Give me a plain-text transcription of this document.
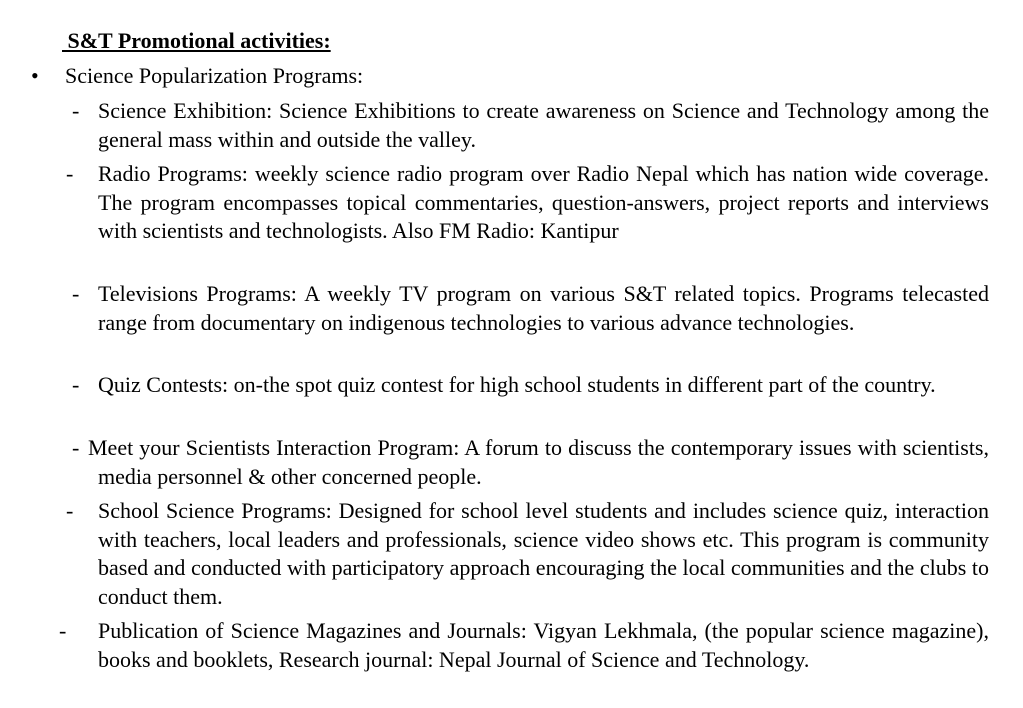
S&T Promotional activities:
• Science Popularization Programs:
- Science Exhibition: Science Exhibitions to create awareness on Science and Technology among the general mass within and outside the valley.
- Radio Programs: weekly science radio program over Radio Nepal which has nation wide coverage. The program encompasses topical commentaries, question-answers, project reports and interviews with scientists and technologists. Also FM Radio: Kantipur
- Televisions Programs: A weekly TV program on various S&T related topics. Programs telecasted range from documentary on indigenous technologies to various advance technologies.
- Quiz Contests: on-the spot quiz contest for high school students in different part of the country.
- Meet your Scientists Interaction Program: A forum to discuss the contemporary issues with scientists, media personnel & other concerned people.
- School Science Programs: Designed for school level students and includes science quiz, interaction with teachers, local leaders and professionals, science video shows etc. This program is community based and conducted with participatory approach encouraging the local communities and the clubs to conduct them.
- Publication of Science Magazines and Journals: Vigyan Lekhmala, (the popular science magazine), books and booklets, Research journal: Nepal Journal of Science and Technology.
